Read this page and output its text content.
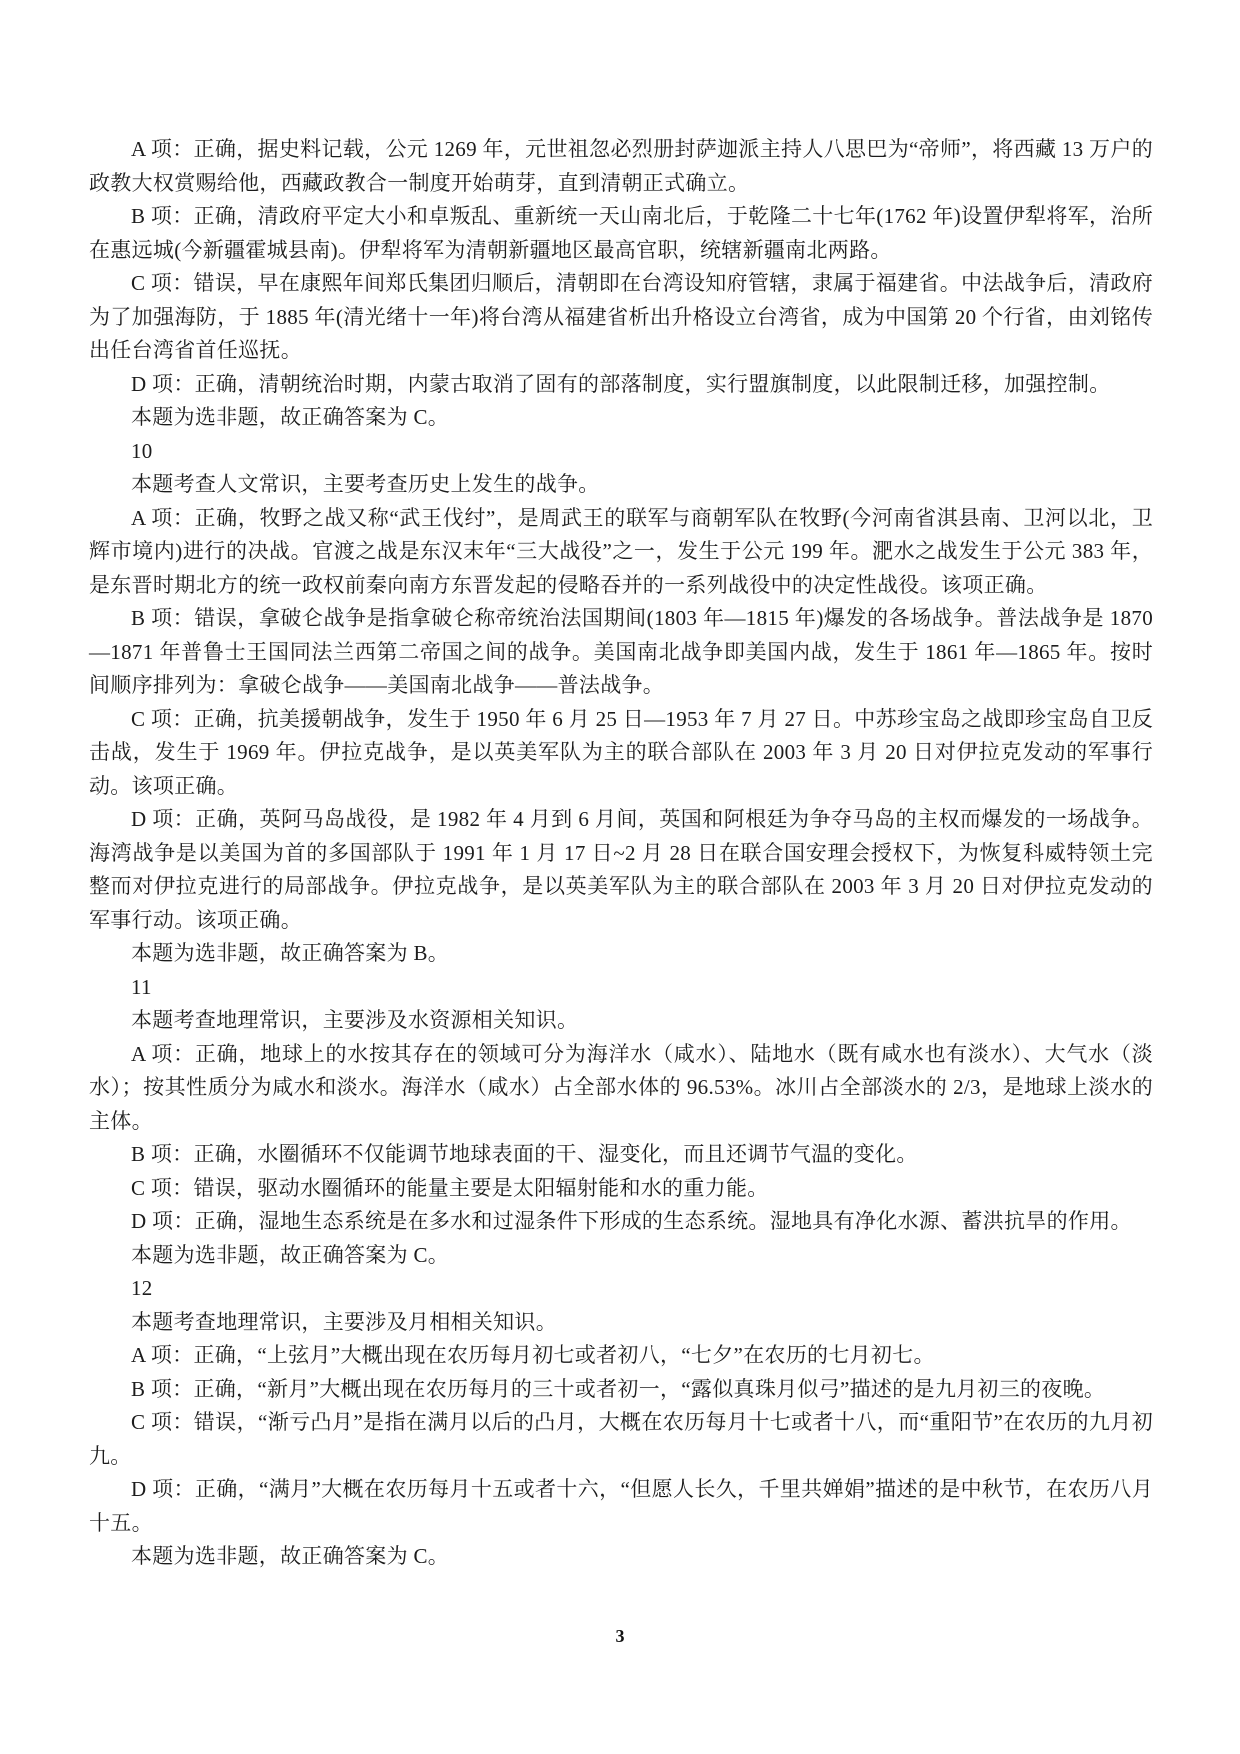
A 项：正确，据史料记载，公元 1269 年，元世祖忽必烈册封萨迦派主持人八思巴为“帝师”，将西藏 13 万户的政教大权赏赐给他，西藏政教合一制度开始萌芽，直到清朝正式确立。

B 项：正确，清政府平定大小和卓叛乱、重新统一天山南北后，于乾隆二十七年(1762 年)设置伊犁将军，治所在惠远城(今新疆霍城县南)。伊犁将军为清朝新疆地区最高官职，统辖新疆南北两路。

C 项：错误，早在康熙年间郑氏集团归顺后，清朝即在台湾设知府管辖，隶属于福建省。中法战争后，清政府为了加强海防，于 1885 年(清光绪十一年)将台湾从福建省析出升格设立台湾省，成为中国第 20 个行省，由刘铭传出任台湾省首任巡抚。

D 项：正确，清朝统治时期，内蒙古取消了固有的部落制度，实行盟旗制度，以此限制迁移，加强控制。

本题为选非题，故正确答案为 C。

10

本题考查人文常识，主要考查历史上发生的战争。

A 项：正确，牧野之战又称“武王伐纣”，是周武王的联军与商朝军队在牧野(今河南省淇县南、卫河以北，卫辉市境内)进行的决战。官渡之战是东汉末年“三大战役”之一，发生于公元 199 年。淝水之战发生于公元 383 年，是东晋时期北方的统一政权前秦向南方东晋发起的侵略吞并的一系列战役中的决定性战役。该项正确。

B 项：错误，拿破仑战争是指拿破仑称帝统治法国期间(1803 年—1815 年)爆发的各场战争。普法战争是 1870—1871 年普鲁士王国同法兰西第二帝国之间的战争。美国南北战争即美国内战，发生于 1861 年—1865 年。按时间顺序排列为：拿破仑战争——美国南北战争——普法战争。

C 项：正确，抗美援朝战争，发生于 1950 年 6 月 25 日—1953 年 7 月 27 日。中苏珍宝岛之战即珍宝岛自卫反击战，发生于 1969 年。伊拉克战争，是以英美军队为主的联合部队在 2003 年 3 月 20 日对伊拉克发动的军事行动。该项正确。

D 项：正确，英阿马岛战役，是 1982 年 4 月到 6 月间，英国和阿根廷为争夺马岛的主权而爆发的一场战争。海湾战争是以美国为首的多国部队于 1991 年 1 月 17 日~2 月 28 日在联合国安理会授权下，为恢复科威特领土完整而对伊拉克进行的局部战争。伊拉克战争，是以英美军队为主的联合部队在 2003 年 3 月 20 日对伊拉克发动的军事行动。该项正确。

本题为选非题，故正确答案为 B。

11

本题考查地理常识，主要涉及水资源相关知识。

A 项：正确，地球上的水按其存在的领域可分为海洋水（咸水）、陆地水（既有咸水也有淡水）、大气水（淡水）；按其性质分为咸水和淡水。海洋水（咸水）占全部水体的 96.53%。冰川占全部淡水的 2/3，是地球上淡水的主体。

B 项：正确，水圈循环不仅能调节地球表面的干、湿变化，而且还调节气温的变化。

C 项：错误，驱动水圈循环的能量主要是太阳辐射能和水的重力能。

D 项：正确，湿地生态系统是在多水和过湿条件下形成的生态系统。湿地具有净化水源、蓄洪抗旱的作用。

本题为选非题，故正确答案为 C。

12

本题考查地理常识，主要涉及月相相关知识。

A 项：正确，“上弦月”大概出现在农历每月初七或者初八，“七夕”在农历的七月初七。

B 项：正确，“新月”大概出现在农历每月的三十或者初一，“露似真珠月似弓”描述的是九月初三的夜晚。

C 项：错误，“渐亏凸月”是指在满月以后的凸月，大概在农历每月十七或者十八，而“重阳节”在农历的九月初九。

D 项：正确，“满月”大概在农历每月十五或者十六，“但愿人长久，千里共婵娟”描述的是中秋节，在农历八月十五。

本题为选非题，故正确答案为 C。

3
